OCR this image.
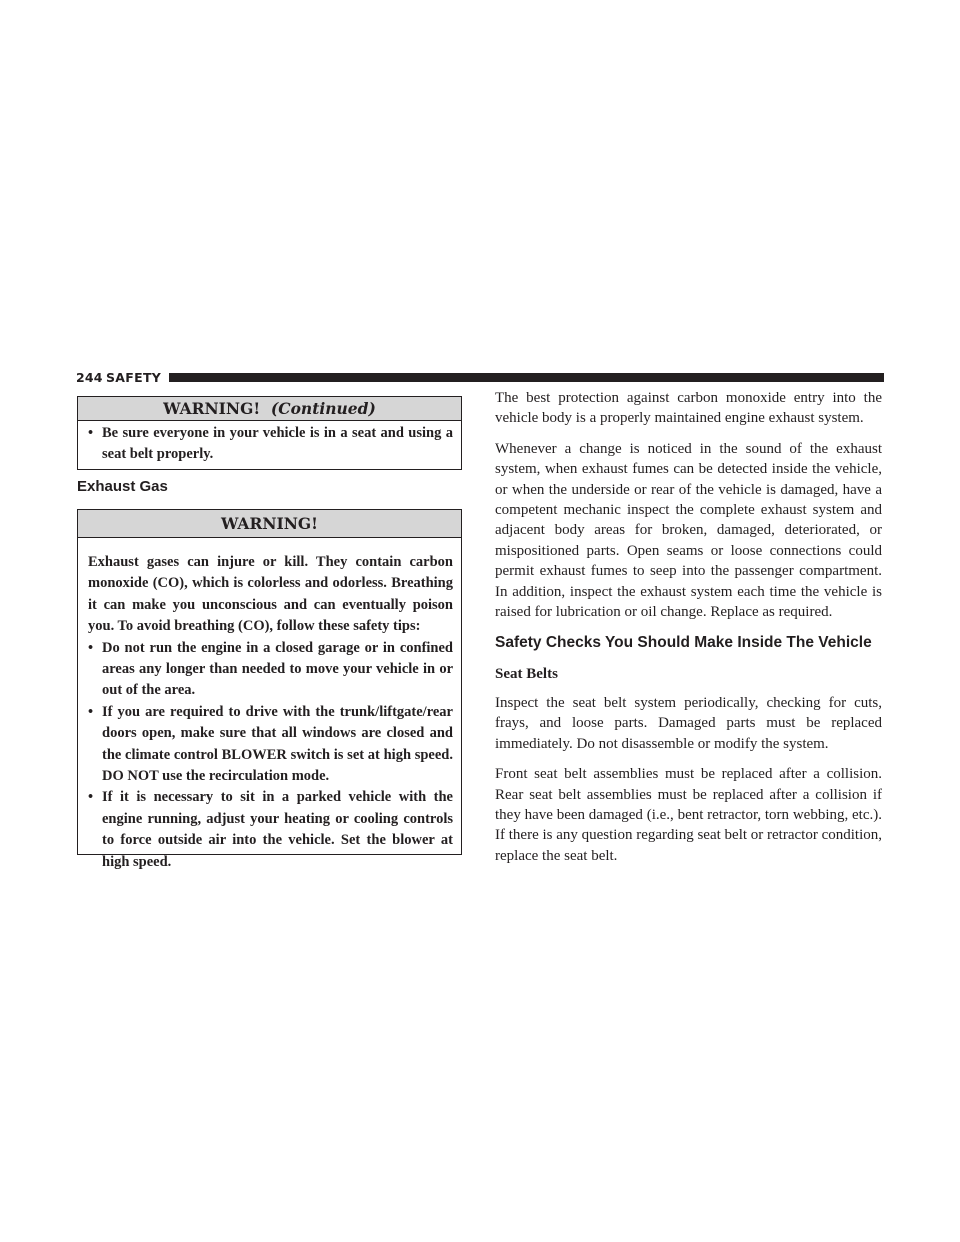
244 SAFETY
WARNING! (Continued)
• Be sure everyone in your vehicle is in a seat and using a seat belt properly.
Exhaust Gas
WARNING!
Exhaust gases can injure or kill. They contain carbon monoxide (CO), which is colorless and odorless. Breathing it can make you unconscious and can eventually poison you. To avoid breathing (CO), follow these safety tips:
• Do not run the engine in a closed garage or in confined areas any longer than needed to move your vehicle in or out of the area.
• If you are required to drive with the trunk/liftgate/rear doors open, make sure that all windows are closed and the climate control BLOWER switch is set at high speed. DO NOT use the recirculation mode.
• If it is necessary to sit in a parked vehicle with the engine running, adjust your heating or cooling controls to force outside air into the vehicle. Set the blower at high speed.

The best protection against carbon monoxide entry into the vehicle body is a properly maintained engine exhaust system.

Whenever a change is noticed in the sound of the exhaust system, when exhaust fumes can be detected inside the vehicle, or when the underside or rear of the vehicle is damaged, have a competent mechanic inspect the complete exhaust system and adjacent body areas for broken, damaged, deteriorated, or mispositioned parts. Open seams or loose connections could permit exhaust fumes to seep into the passenger compartment. In addition, inspect the exhaust system each time the vehicle is raised for lubrication or oil change. Replace as required.

Safety Checks You Should Make Inside The Vehicle
Seat Belts

Inspect the seat belt system periodically, checking for cuts, frays, and loose parts. Damaged parts must be replaced immediately. Do not disassemble or modify the system.

Front seat belt assemblies must be replaced after a collision. Rear seat belt assemblies must be replaced after a collision if they have been damaged (i.e., bent retractor, torn webbing, etc.). If there is any question regarding seat belt or retractor condition, replace the seat belt.
